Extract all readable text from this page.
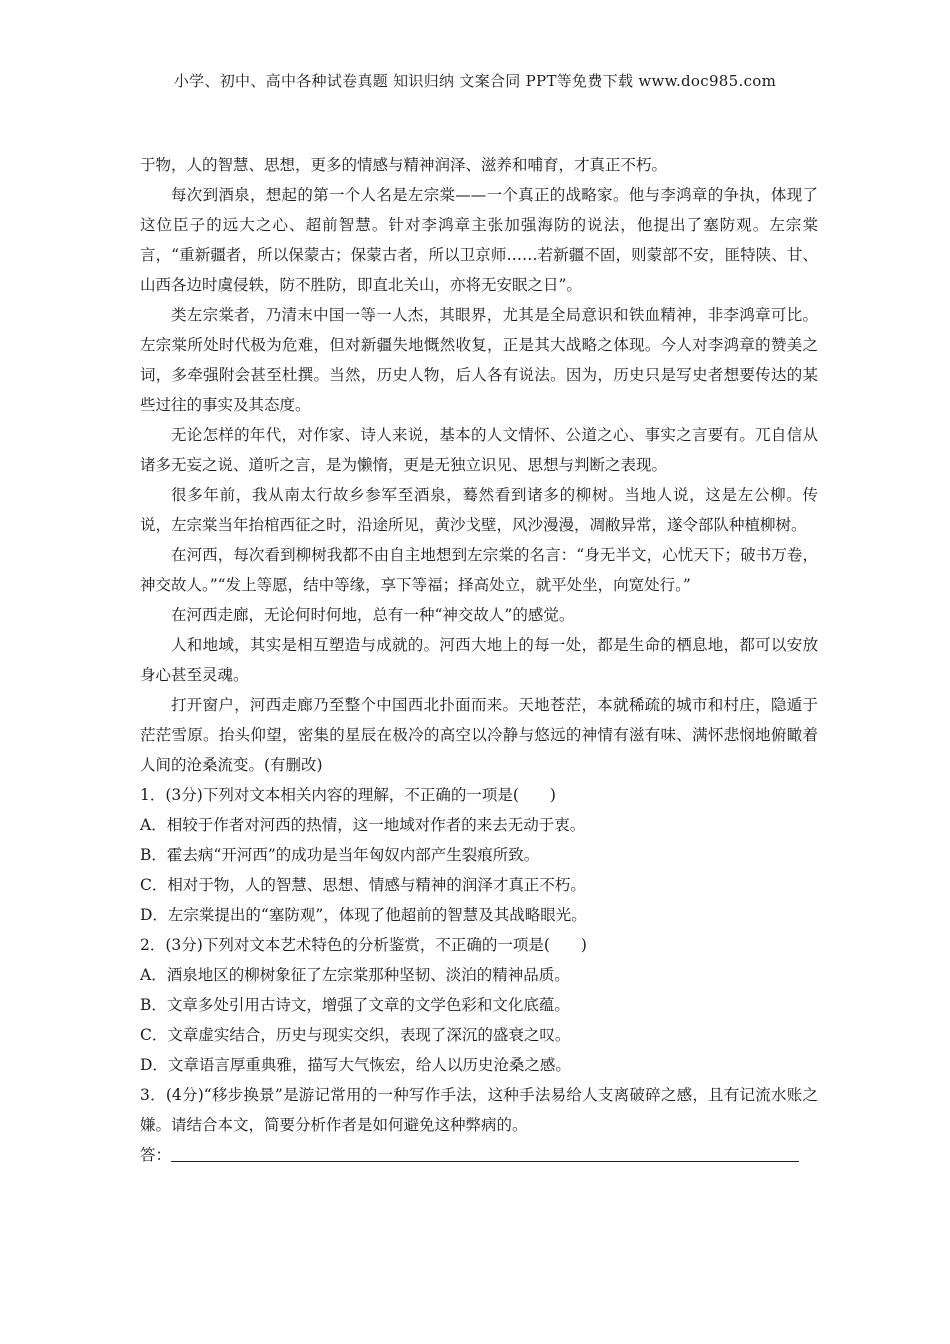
小学、初中、高中各种试卷真题 知识归纳 文案合同 PPT等免费下载 www.doc985.com

于物，人的智慧、思想，更多的情感与精神润泽、滋养和哺育，才真正不朽。

每次到酒泉，想起的第一个人名是左宗棠——一个真正的战略家。他与李鸿章的争执，体现了这位臣子的远大之心、超前智慧。针对李鸿章主张加强海防的说法，他提出了塞防观。左宗棠言，“重新疆者，所以保蒙古；保蒙古者，所以卫京师……若新疆不固，则蒙部不安，匪特陕、甘、山西各边时虞侵轶，防不胜防，即直北关山，亦将无安眠之日”。

类左宗棠者，乃清末中国一等一人杰，其眼界，尤其是全局意识和铁血精神，非李鸿章可比。左宗棠所处时代极为危难，但对新疆失地慨然收复，正是其大战略之体现。今人对李鸿章的赞美之词，多牵强附会甚至杜撰。当然，历史人物，后人各有说法。因为，历史只是写史者想要传达的某些过往的事实及其态度。

无论怎样的年代，对作家、诗人来说，基本的人文情怀、公道之心、事实之言要有。兀自信从诸多无妄之说、道听之言，是为懒惰，更是无独立识见、思想与判断之表现。

很多年前，我从南太行故乡参军至酒泉，蓦然看到诸多的柳树。当地人说，这是左公柳。传说，左宗棠当年抬棺西征之时，沿途所见，黄沙戈壁，风沙漫漫，凋敝异常，遂令部队种植柳树。

在河西，每次看到柳树我都不由自主地想到左宗棠的名言：“身无半文，心忧天下；破书万卷，神交故人。”“发上等愿，结中等缘，享下等福；择高处立，就平处坐，向宽处行。”

在河西走廊，无论何时何地，总有一种“神交故人”的感觉。

人和地域，其实是相互塑造与成就的。河西大地上的每一处，都是生命的栖息地，都可以安放身心甚至灵魂。

打开窗户，河西走廊乃至整个中国西北扑面而来。天地苍茫，本就稀疏的城市和村庄，隐遁于茫茫雪原。抬头仰望，密集的星辰在极冷的高空以冷静与悠远的神情有滋有味、满怀悲悯地俯瞰着人间的沧桑流变。(有删改)

1．(3分)下列对文本相关内容的理解，不正确的一项是(　　)

A．相较于作者对河西的热情，这一地域对作者的来去无动于衷。

B．霍去病“开河西”的成功是当年匈奴内部产生裂痕所致。

C．相对于物，人的智慧、思想、情感与精神的润泽才真正不朽。

D．左宗棠提出的“塞防观”，体现了他超前的智慧及其战略眼光。

2．(3分)下列对文本艺术特色的分析鉴赏，不正确的一项是(　　)

A．酒泉地区的柳树象征了左宗棠那种坚韧、淡泊的精神品质。

B．文章多处引用古诗文，增强了文章的文学色彩和文化底蕴。

C．文章虚实结合，历史与现实交织，表现了深沉的盛衰之叹。

D．文章语言厚重典雅，描写大气恢宏，给人以历史沧桑之感。

3．(4分)“移步换景”是游记常用的一种写作手法，这种手法易给人支离破碎之感，且有记流水账之嫌。请结合本文，简要分析作者是如何避免这种弊病的。

答：
